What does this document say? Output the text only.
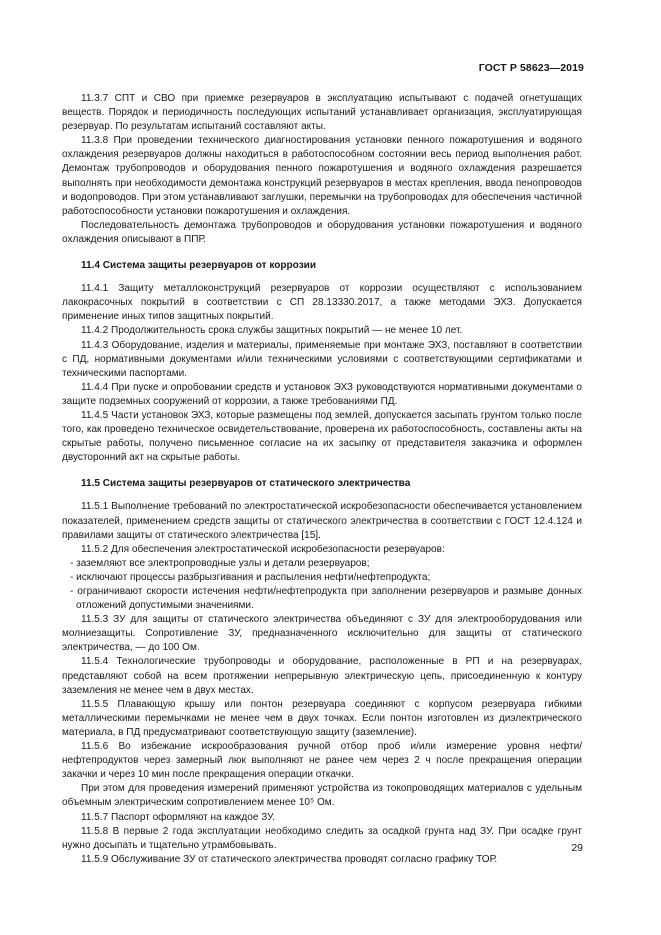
ГОСТ Р 58623—2019

11.3.7 СПТ и СВО при приемке резервуаров в эксплуатацию испытывают с подачей огнетушащих веществ. Порядок и периодичность последующих испытаний устанавливает организация, эксплуатирующая резервуар. По результатам испытаний составляют акты.

11.3.8 При проведении технического диагностирования установки пенного пожаротушения и водяного охлаждения резервуаров должны находиться в работоспособном состоянии весь период выполнения работ. Демонтаж трубопроводов и оборудования пенного пожаротушения и водяного охлаждения разрешается выполнять при необходимости демонтажа конструкций резервуаров в местах крепления, ввода пенопроводов и водопроводов. При этом устанавливают заглушки, перемычки на трубопроводах для обеспечения частичной работоспособности установки пожаротушения и охлаждения.

Последовательность демонтажа трубопроводов и оборудования установки пожаротушения и водяного охлаждения описывают в ППР.

11.4 Система защиты резервуаров от коррозии

11.4.1 Защиту металлоконструкций резервуаров от коррозии осуществляют с использованием лакокрасочных покрытий в соответствии с СП 28.13330.2017, а также методами ЭХЗ. Допускается применение иных типов защитных покрытий.

11.4.2 Продолжительность срока службы защитных покрытий — не менее 10 лет.

11.4.3 Оборудование, изделия и материалы, применяемые при монтаже ЭХЗ, поставляют в соответствии с ПД, нормативными документами и/или техническими условиями с соответствующими сертификатами и техническими паспортами.

11.4.4 При пуске и опробовании средств и установок ЭХЗ руководствуются нормативными документами о защите подземных сооружений от коррозии, а также требованиями ПД.

11.4.5 Части установок ЭХЗ, которые размещены под землей, допускается засыпать грунтом только после того, как проведено техническое освидетельствование, проверена их работоспособность, составлены акты на скрытые работы, получено письменное согласие на их засыпку от представителя заказчика и оформлен двусторонний акт на скрытые работы.

11.5 Система защиты резервуаров от статического электричества

11.5.1 Выполнение требований по электростатической искробезопасности обеспечивается установлением показателей, применением средств защиты от статического электричества в соответствии с ГОСТ 12.4.124 и правилами защиты от статического электричества [15].

11.5.2 Для обеспечения электростатической искробезопасности резервуаров:

- заземляют все электропроводные узлы и детали резервуаров;

- исключают процессы разбрызгивания и распыления нефти/нефтепродукта;

- ограничивают скорости истечения нефти/нефтепродукта при заполнении резервуаров и размыве донных отложений допустимыми значениями.

11.5.3 ЗУ для защиты от статического электричества объединяют с ЗУ для электрооборудования или молниезащиты. Сопротивление ЗУ, предназначенного исключительно для защиты от статического электричества, — до 100 Ом.

11.5.4 Технологические трубопроводы и оборудование, расположенные в РП и на резервуарах, представляют собой на всем протяжении непрерывную электрическую цепь, присоединенную к контуру заземления не менее чем в двух местах.

11.5.5 Плавающую крышу или понтон резервуара соединяют с корпусом резервуара гибкими металлическими перемычками не менее чем в двух точках. Если понтон изготовлен из диэлектрического материала, в ПД предусматривают соответствующую защиту (заземление).

11.5.6 Во избежание искрообразования ручной отбор проб и/или измерение уровня нефти/нефтепродуктов через замерный люк выполняют не ранее чем через 2 ч после прекращения операции закачки и через 10 мин после прекращения операции откачки.

При этом для проведения измерений применяют устройства из токопроводящих материалов с удельным объемным электрическим сопротивлением менее 10⁵ Ом.

11.5.7 Паспорт оформляют на каждое ЗУ.

11.5.8 В первые 2 года эксплуатации необходимо следить за осадкой грунта над ЗУ. При осадке грунт нужно досыпать и тщательно утрамбовывать.

11.5.9 Обслуживание ЗУ от статического электричества проводят согласно графику ТОР.

29
